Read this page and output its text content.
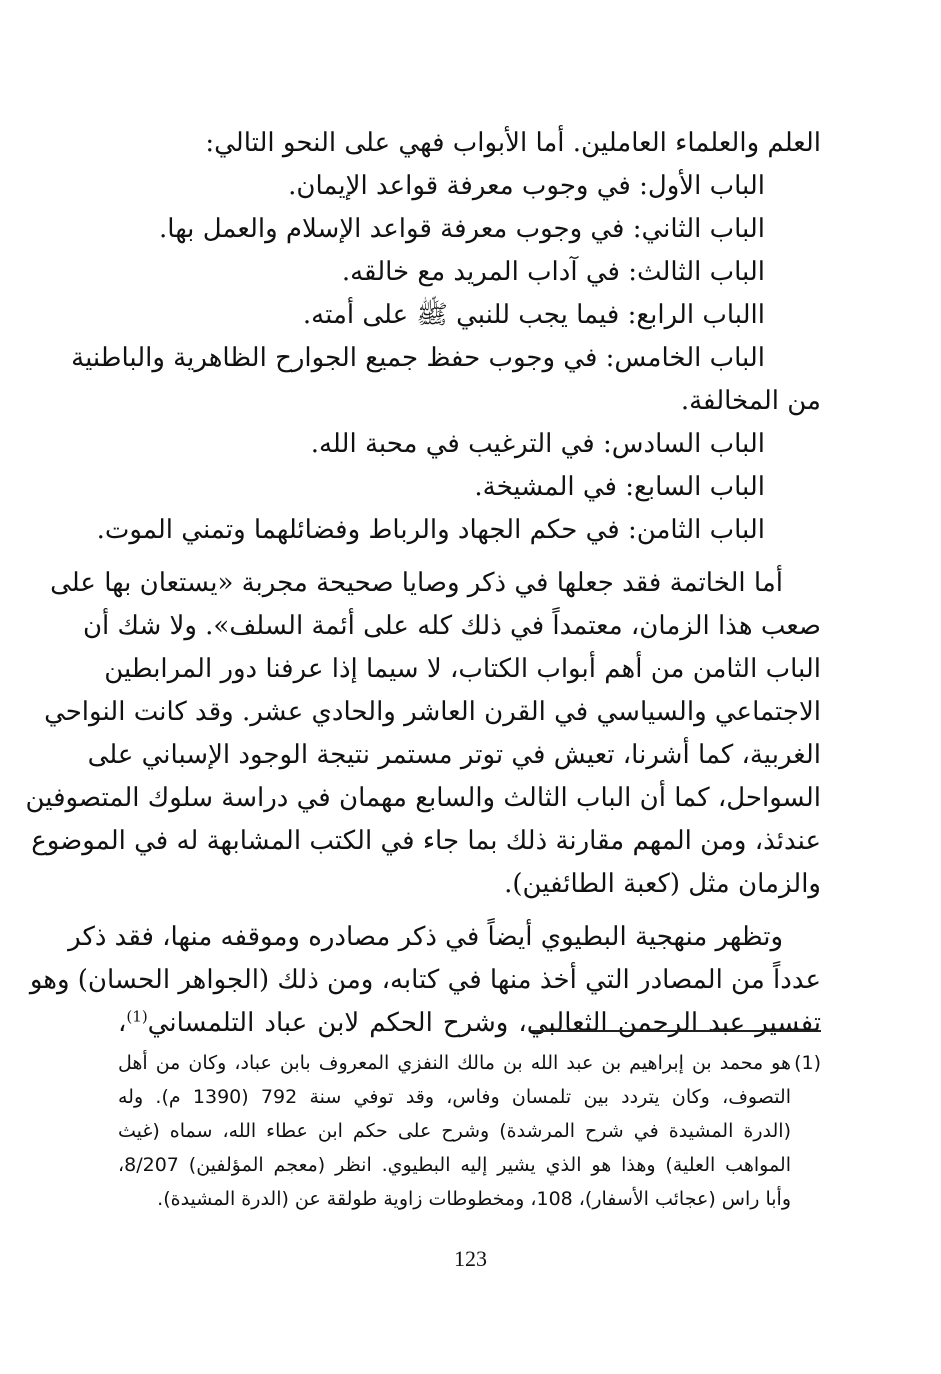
العلم والعلماء العاملين. أما الأبواب فهي على النحو التالي:
الباب الأول: في وجوب معرفة قواعد الإيمان.
الباب الثاني: في وجوب معرفة قواعد الإسلام والعمل بها.
الباب الثالث: في آداب المريد مع خالقه.
االباب الرابع: فيما يجب للنبي ﷺ على أمته.
الباب الخامس: في وجوب حفظ جميع الجوارح الظاهرية والباطنية
من المخالفة.
الباب السادس: في الترغيب في محبة الله.
الباب السابع: في المشيخة.
الباب الثامن: في حكم الجهاد والرباط وفضائلهما وتمني الموت.
أما الخاتمة فقد جعلها في ذكر وصايا صحيحة مجربة «يستعان بها على
صعب هذا الزمان، معتمداً في ذلك كله على أئمة السلف». ولا شك أن
الباب الثامن من أهم أبواب الكتاب، لا سيما إذا عرفنا دور المرابطين
الاجتماعي والسياسي في القرن العاشر والحادي عشر. وقد كانت النواحي
الغربية، كما أشرنا، تعيش في توتر مستمر نتيجة الوجود الإسباني على
السواحل، كما أن الباب الثالث والسابع مهمان في دراسة سلوك المتصوفين
عندئذ، ومن المهم مقارنة ذلك بما جاء في الكتب المشابهة له في الموضوع
والزمان مثل (كعبة الطائفين).
وتظهر منهجية البطيوي أيضاً في ذكر مصادره وموقفه منها، فقد ذكر
عدداً من المصادر التي أخذ منها في كتابه، ومن ذلك (الجواهر الحسان) وهو
تفسير عبد الرحمن الثعالبي، وشرح الحكم لابن عباد التلمساني$^{(1)}$،
(1)
هو محمد بن إبراهيم بن عبد الله بن مالك النفزي المعروف بابن عباد، وكان من أهل
التصوف، وكان يتردد بين تلمسان وفاس، وقد توفي سنة 792 (1390 م). وله
(الدرة المشيدة في شرح المرشدة) وشرح على حكم ابن عطاء الله، سماه (غيث
المواهب العلية) وهذا هو الذي يشير إليه البطيوي. انظر (معجم المؤلفين) 8/207،
وأبا راس (عجائب الأسفار)، 108، ومخطوطات زاوية طولقة عن (الدرة المشيدة).
123
